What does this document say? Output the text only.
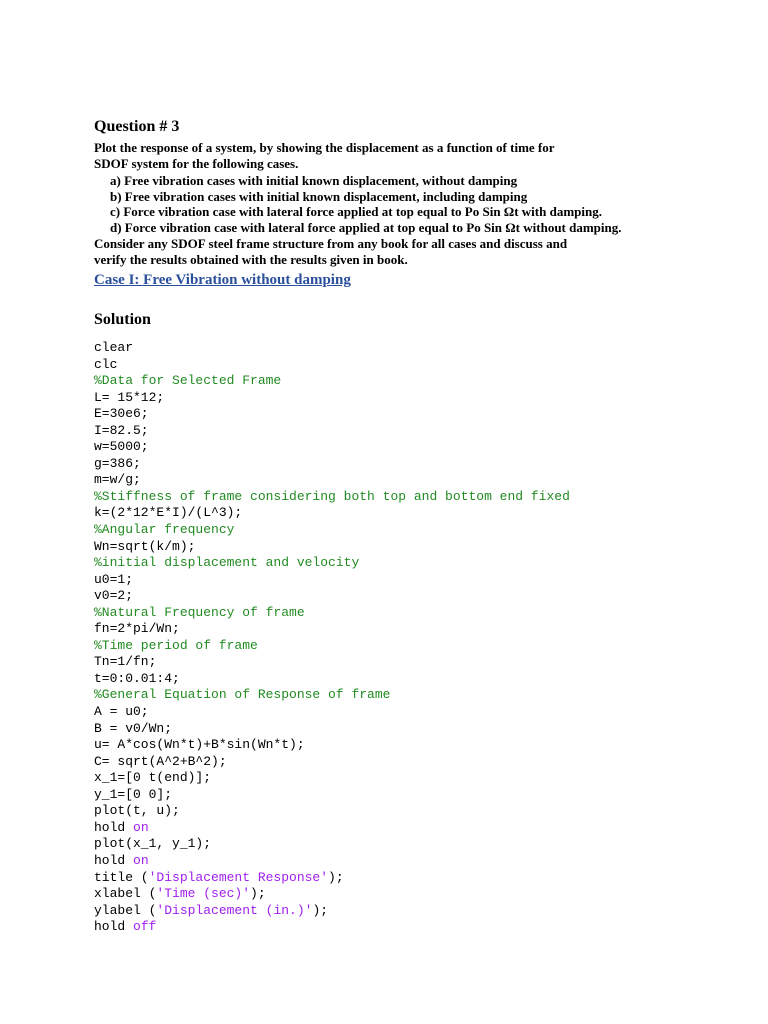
Question # 3
Plot the response of a system, by showing the displacement as a function of time for
SDOF system for the following cases.
a) Free vibration cases with initial known displacement, without damping
b) Free vibration cases with initial known displacement, including damping
c) Force vibration case with lateral force applied at top equal to Po Sin Ωt with damping.
d) Force vibration case with lateral force applied at top equal to Po Sin Ωt without damping.
Consider any SDOF steel frame structure from any book for all cases and discuss and
verify the results obtained with the results given in book.
Case I: Free Vibration without damping
Solution
clear
clc
%Data for Selected Frame
L= 15*12;
E=30e6;
I=82.5;
w=5000;
g=386;
m=w/g;
%Stiffness of frame considering both top and bottom end fixed
k=(2*12*E*I)/(L^3);
%Angular frequency
Wn=sqrt(k/m);
%initial displacement and velocity
u0=1;
v0=2;
%Natural Frequency of frame
fn=2*pi/Wn;
%Time period of frame
Tn=1/fn;
t=0:0.01:4;
%General Equation of Response of frame
A = u0;
B = v0/Wn;
u= A*cos(Wn*t)+B*sin(Wn*t);
C= sqrt(A^2+B^2);
x_1=[0 t(end)];
y_1=[0 0];
plot(t, u);
hold on
plot(x_1, y_1);
hold on
title ('Displacement Response');
xlabel ('Time (sec)');
ylabel ('Displacement (in.)');
hold off
